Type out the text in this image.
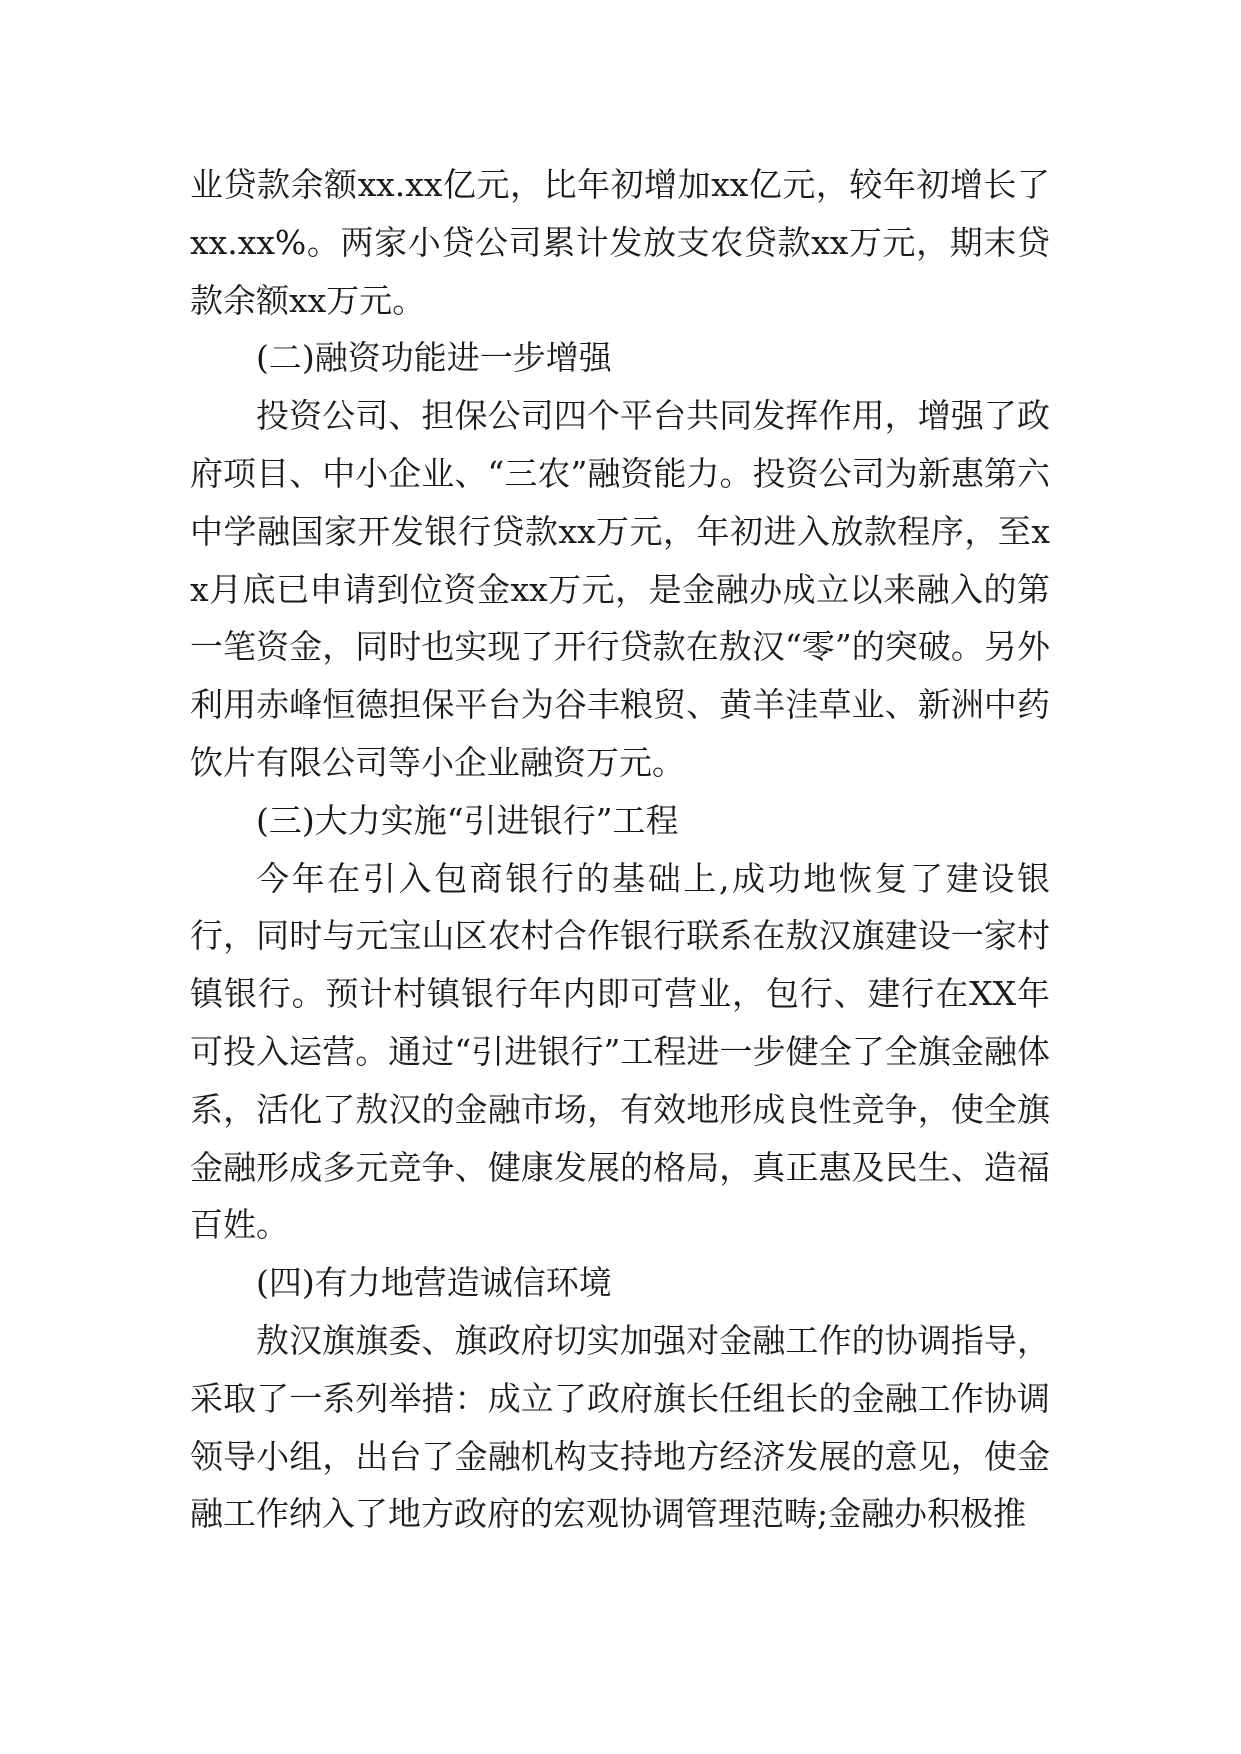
业贷款余额xx.xx亿元，比年初增加xx亿元，较年初增长了xx.xx%。两家小贷公司累计发放支农贷款xx万元，期末贷款余额xx万元。

(二)融资功能进一步增强

投资公司、担保公司四个平台共同发挥作用，增强了政府项目、中小企业、“三农”融资能力。投资公司为新惠第六中学融国家开发银行贷款xx万元，年初进入放款程序，至xx月底已申请到位资金xx万元，是金融办成立以来融入的第一笔资金，同时也实现了开行贷款在敖汉“零”的突破。另外利用赤峰恒德担保平台为谷丰粮贸、黄羊洼草业、新洲中药饮片有限公司等小企业融资万元。

(三)大力实施“引进银行”工程

今年在引入包商银行的基础上,成功地恢复了建设银行，同时与元宝山区农村合作银行联系在敖汉旗建设一家村镇银行。预计村镇银行年内即可营业，包行、建行在XX年可投入运营。通过“引进银行”工程进一步健全了全旗金融体系，活化了敖汉的金融市场，有效地形成良性竞争，使全旗金融形成多元竞争、健康发展的格局，真正惠及民生、造福百姓。

(四)有力地营造诚信环境

敖汉旗旗委、旗政府切实加强对金融工作的协调指导，采取了一系列举措：成立了政府旗长任组长的金融工作协调领导小组，出台了金融机构支持地方经济发展的意见，使金融工作纳入了地方政府的宏观协调管理范畴;金融办积极推
